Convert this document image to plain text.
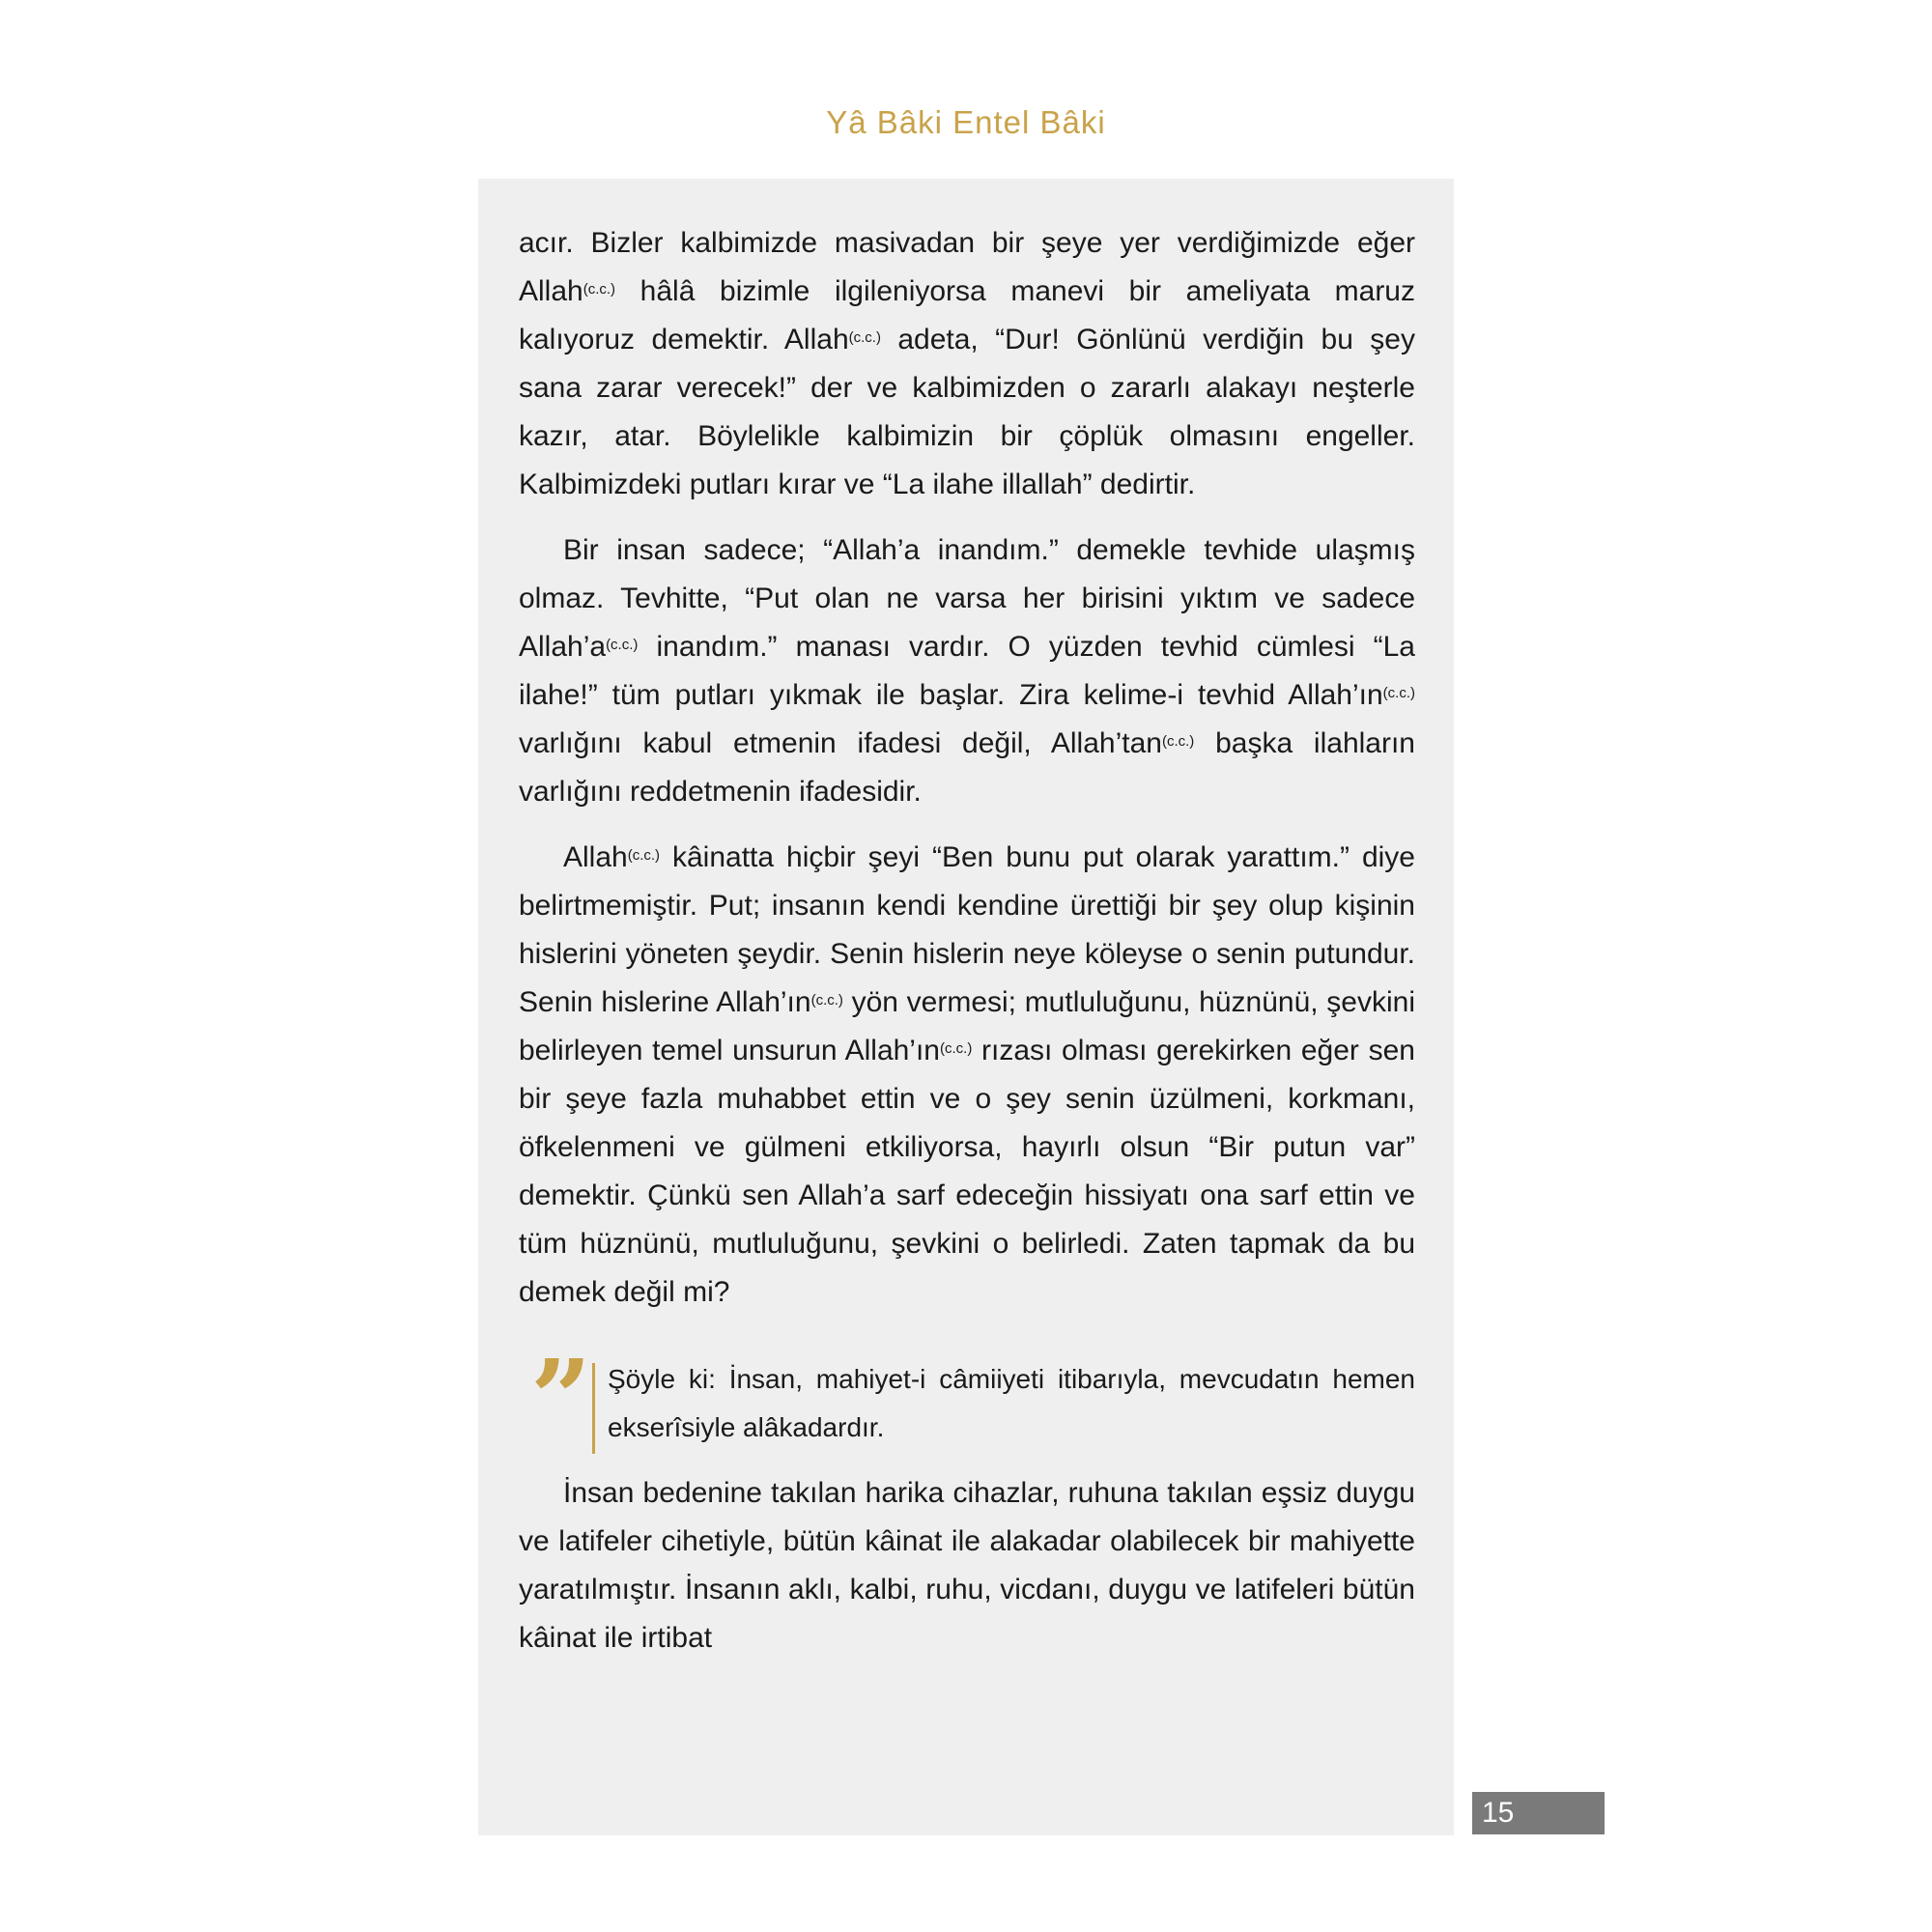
Yâ Bâki Entel Bâki

acır. Bizler kalbimizde masivadan bir şeye yer verdiğimizde eğer Allah$^{(c.c.)}$ hâlâ bizimle ilgileniyorsa manevi bir ameliyata maruz kalıyoruz demektir. Allah$^{(c.c.)}$ adeta, “Dur! Gönlünü verdiğin bu şey sana zarar verecek!” der ve kalbimizden o zararlı alakayı neşterle kazır, atar. Böylelikle kalbimizin bir çöplük olmasını engeller. Kalbimizdeki putları kırar ve “La ilahe illallah” dedirtir.

Bir insan sadece; “Allah’a inandım.” demekle tevhide ulaşmış olmaz. Tevhitte, “Put olan ne varsa her birisini yıktım ve sadece $Allah’a^{(c.c.)}$ inandım.” manası vardır. O yüzden tevhid cümlesi “La ilahe!” tüm putları yıkmak ile başlar. Zira kelime-i tevhid $Allah’ın^{(c.c.)}$ varlığını kabul etmenin ifadesi değil, $Allah’\tan^{(c.c.)}$ başka ilahların varlığını reddetmenin ifadesidir.

Allah$^{(c.c.)}$ kâinatta hiçbir şeyi “Ben bunu put olarak yarattım.” diye belirtmemiştir. Put; insanın kendi kendine ürettiği bir şey olup kişinin hislerini yöneten şeydir. Senin hislerin neye köleyse o senin putundur. Senin hislerine $Allah’ın^{(c.c.)}$ yön vermesi; mutluluğunu, hüznünü, şevkini belirleyen temel unsurun $Allah’ın^{(c.c.)}$ rızası olması gerekirken eğer sen bir şeye fazla muhabbet ettin ve o şey senin üzülmeni, korkmanı, öfkelenmeni ve gülmeni etkiliyorsa, hayırlı olsun “Bir putun var” demektir. Çünkü sen Allah’a sarf edeceğin hissiyatı ona sarf ettin ve tüm hüznünü, mutluluğunu, şevkini o belirledi. Zaten tapmak da bu demek değil mi?

” Şöyle ki: İnsan, mahiyet-i câmiiyeti itibarıyla, mevcudatın hemen ekserîsiyle alâkadardır.

İnsan bedenine takılan harika cihazlar, ruhuna takılan eşsiz duygu ve latifeler cihetiyle, bütün kâinat ile alakadar olabilecek bir mahiyette yaratılmıştır. İnsanın aklı, kalbi, ruhu, vicdanı, duygu ve latifeleri bütün kâinat ile irtibat

15
